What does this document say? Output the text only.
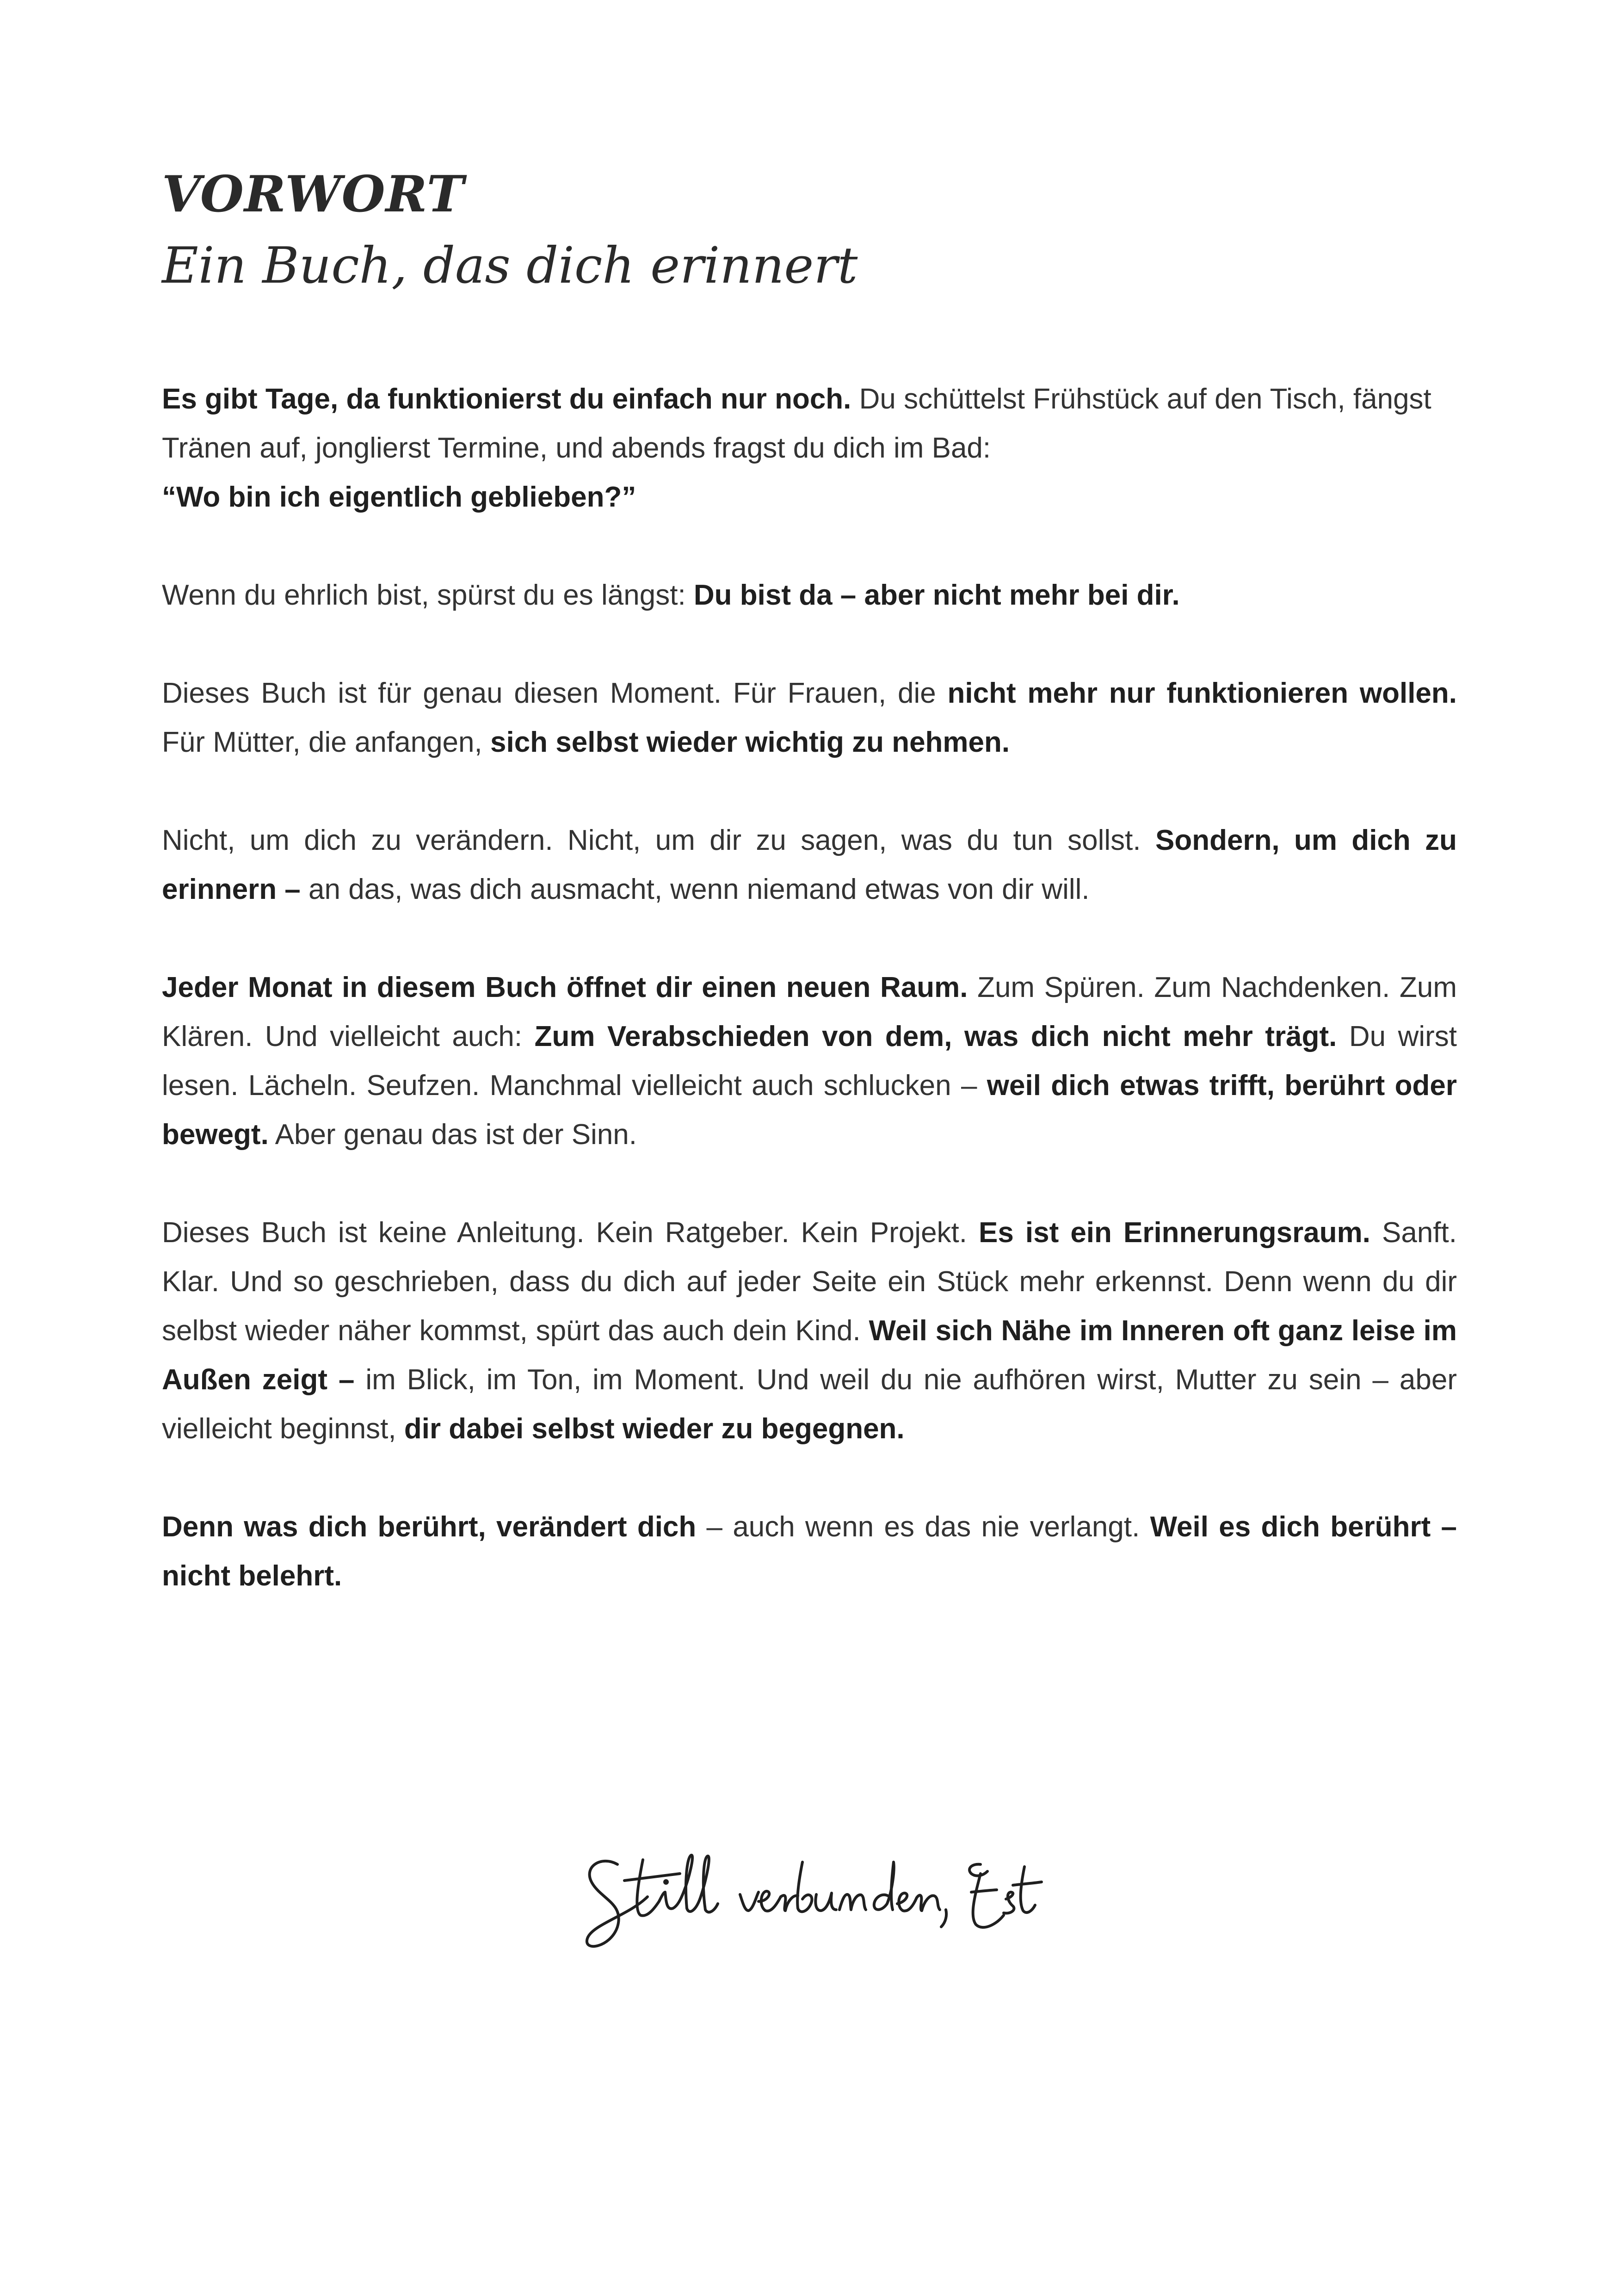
VORWORT
Ein Buch, das dich erinnert

Es gibt Tage, da funktionierst du einfach nur noch. Du schüttelst Frühstück auf den Tisch, fängst Tränen auf, jonglierst Termine, und abends fragst du dich im Bad:
“Wo bin ich eigentlich geblieben?”

Wenn du ehrlich bist, spürst du es längst: Du bist da – aber nicht mehr bei dir.

Dieses Buch ist für genau diesen Moment. Für Frauen, die nicht mehr nur funktionieren wollen. Für Mütter, die anfangen, sich selbst wieder wichtig zu nehmen.

Nicht, um dich zu verändern. Nicht, um dir zu sagen, was du tun sollst. Sondern, um dich zu erinnern – an das, was dich ausmacht, wenn niemand etwas von dir will.

Jeder Monat in diesem Buch öffnet dir einen neuen Raum. Zum Spüren. Zum Nachdenken. Zum Klären. Und vielleicht auch: Zum Verabschieden von dem, was dich nicht mehr trägt. Du wirst lesen. Lächeln. Seufzen. Manchmal vielleicht auch schlucken – weil dich etwas trifft, berührt oder bewegt. Aber genau das ist der Sinn.

Dieses Buch ist keine Anleitung. Kein Ratgeber. Kein Projekt. Es ist ein Erinnerungsraum. Sanft. Klar. Und so geschrieben, dass du dich auf jeder Seite ein Stück mehr erkennst. Denn wenn du dir selbst wieder näher kommst, spürt das auch dein Kind. Weil sich Nähe im Inneren oft ganz leise im Außen zeigt – im Blick, im Ton, im Moment. Und weil du nie aufhören wirst, Mutter zu sein – aber vielleicht beginnst, dir dabei selbst wieder zu begegnen.

Denn was dich berührt, verändert dich – auch wenn es das nie verlangt. Weil es dich berührt – nicht belehrt.
